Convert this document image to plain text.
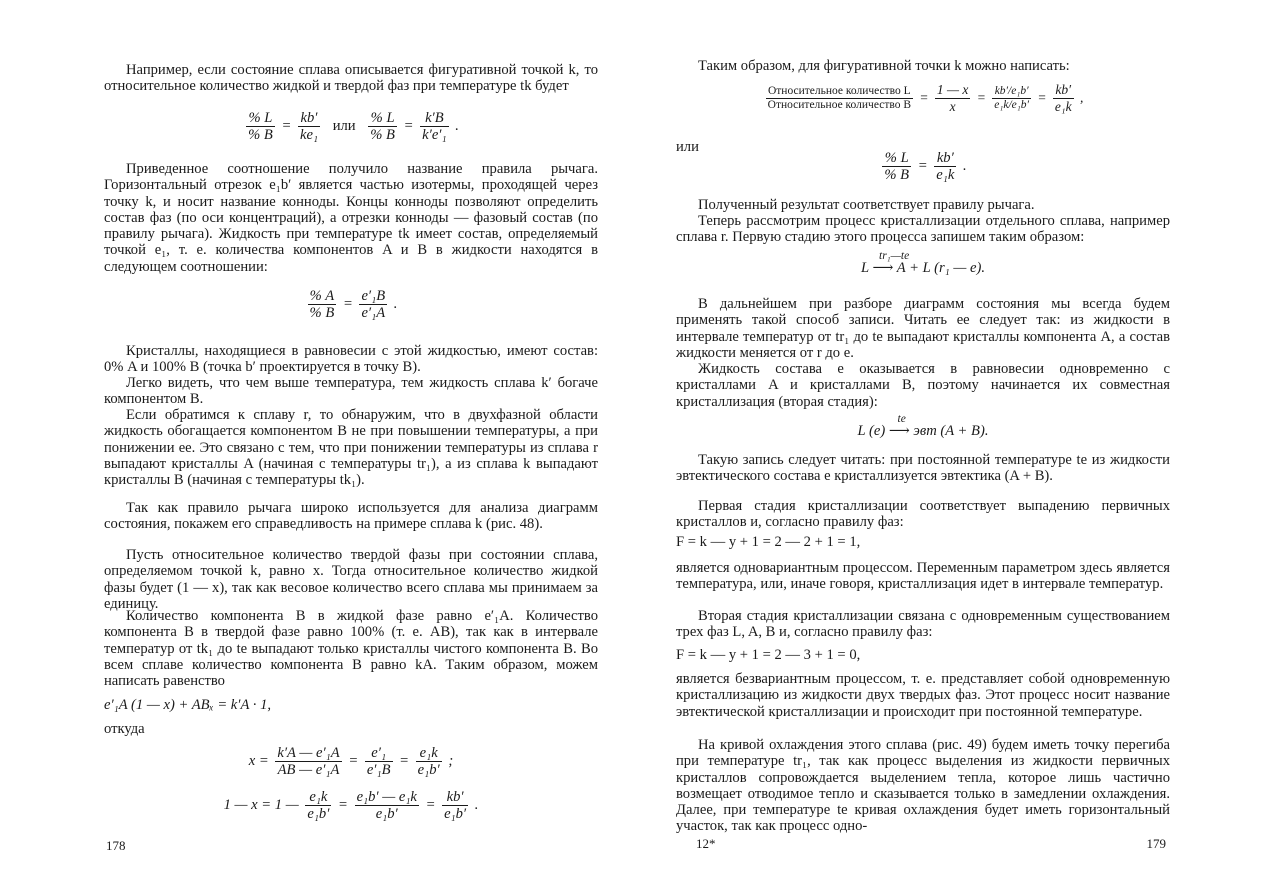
Например, если состояние сплава описывается фигуративной точкой k, то относительное количество жидкой и твердой фаз при температуре tk будет

$\frac{\% L}{\% B} = \frac{kb'}{\text{ke₁}}$ или $\frac{\% L}{\% B} = \frac{k'B}{\text{k′e′₁}}$ .

Приведенное соотношение получило название правила рычага. Горизонтальный отрезок e₁b′ является частью изотермы, проходящей через точку k, и носит название конноды. Концы конноды позволяют определить состав фаз (по оси концентраций), а отрезки конноды — фазовый состав (по правилу рычага). Жидкость при температуре tk имеет состав, определяемый точкой e₁, т. е. количества компонентов A и B в жидкости находятся в следующем соотношении:

$\frac{\% A}{\% B} = \frac{\text{e′₁B}}{\text{e′₁A}}$ .

Кристаллы, находящиеся в равновесии с этой жидкостью, имеют состав: 0% A и 100% B (точка b′ проектируется в точку B).

Легко видеть, что чем выше температура, тем жидкость сплава k′ богаче компонентом B.

Если обратимся к сплаву r, то обнаружим, что в двухфазной области жидкость обогащается компонентом B не при повышении температуры, а при понижении ее. Это связано с тем, что при понижении температуры из сплава r выпадают кристаллы A (начиная с температуры tr₁), а из сплава k выпадают кристаллы B (начиная с температуры tk₁).

Так как правило рычага широко используется для анализа диаграмм состояния, покажем его справедливость на примере сплава k (рис. 48).

Пусть относительное количество твердой фазы при состоянии сплава, определяемом точкой k, равно x. Тогда относительное количество жидкой фазы будет (1 — x), так как весовое количество всего сплава мы принимаем за единицу.

Количество компонента B в жидкой фазе равно e′₁A. Количество компонента B в твердой фазе равно 100% (т. е. AB), так как в интервале температур от tk₁ до te выпадают только кристаллы чистого компонента B. Во всем сплаве количество компонента B равно kA. Таким образом, можем написать равенство

e′₁A (1 — x) + ABₓ = k′A · 1,

откуда

$x = \frac{\text{k′A — e′₁A}}{\text{AB — e′₁A}} = \frac{\text{e′₁}}{\text{e′₁B}} = \frac{\text{e₁k}}{\text{e₁b′}}$ ;
1 — x = 1 — $\frac{\text{e₁k}}{\text{e₁b′}} = \frac{\text{e₁b′ — e₁k}}{\text{e₁b′}} = \frac{kb'}{\text{e₁b′}}$ .
178

Таким образом, для фигуративной точки k можно написать:

$\frac{\text{Относительное количество L}}{\text{Относительное количество B}} = \frac{1 — x}{x} = \frac{\text{kb′/e₁b′}}{\text{e₁k/e₁b′}} = \frac{kb'}{\text{e₁k}}$ ,

или

$\frac{\% L}{\% B} = \frac{kb'}{\text{e₁k}}$ .

Полученный результат соответствует правилу рычага.

Теперь рассмотрим процесс кристаллизации отдельного сплава, например сплава r. Первую стадию этого процесса запишем таким образом:

tr₁—te
L ⟶ A + L (r₁ — e).

В дальнейшем при разборе диаграмм состояния мы всегда будем применять такой способ записи. Читать ее следует так: из жидкости в интервале температур от tr₁ до te выпадают кристаллы компонента A, а состав жидкости меняется от r до e.

Жидкость состава e оказывается в равновесии одновременно с кристаллами A и кристаллами B, поэтому начинается их совместная кристаллизация (вторая стадия):

te
L (e) ⟶ эвт (A + B).

Такую запись следует читать: при постоянной температуре te из жидкости эвтектического состава e кристаллизуется эвтектика (A + B).

Первая стадия кристаллизации соответствует выпадению первичных кристаллов и, согласно правилу фаз:

F = k — y + 1 = 2 — 2 + 1 = 1,

является одновариантным процессом. Переменным параметром здесь является температура, или, иначе говоря, кристаллизация идет в интервале температур.

Вторая стадия кристаллизации связана с одновременным существованием трех фаз L, A, B и, согласно правилу фаз:

F = k — y + 1 = 2 — 3 + 1 = 0,

является безвариантным процессом, т. е. представляет собой одновременную кристаллизацию из жидкости двух твердых фаз. Этот процесс носит название эвтектической кристаллизации и происходит при постоянной температуре.

На кривой охлаждения этого сплава (рис. 49) будем иметь точку перегиба при температуре tr₁, так как процесс выделения из жидкости первичных кристаллов сопровождается выделением тепла, которое лишь частично возмещает отводимое тепло и сказывается только в замедлении охлаждения. Далее, при температуре te кривая охлаждения будет иметь горизонтальный участок, так как процесс одно-

12*	179
